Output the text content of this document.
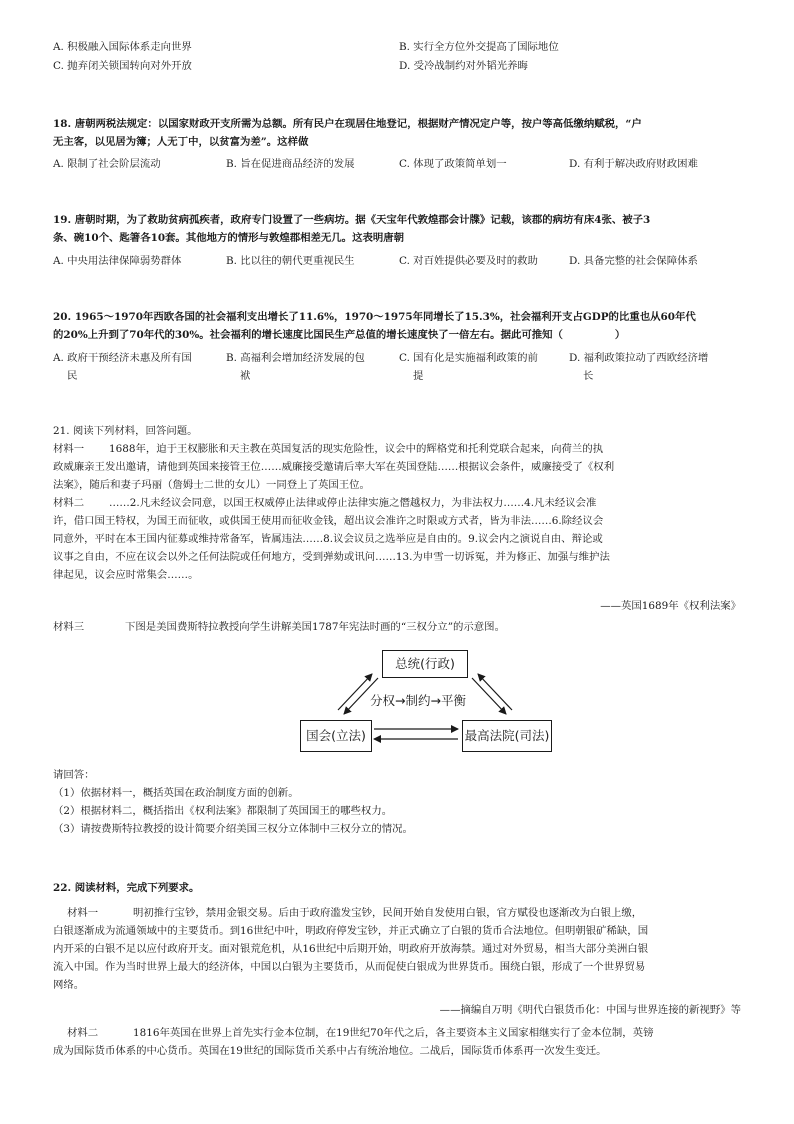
A. 积极融入国际体系走向世界	B. 实行全方位外交提高了国际地位
C. 抛弃闭关锁国转向对外开放	D. 受冷战制约对外韬光养晦
18. 唐朝两税法规定：以国家财政开支所需为总额。所有民户在现居住地登记，根据财产情况定户等，按户等高低缴纳赋税，“户
无主客，以见居为簿；人无丁中，以贫富为差”。这样做
A. 限制了社会阶层流动	B. 旨在促进商品经济的发展	C. 体现了政策简单划一	D. 有利于解决政府财政困难
19. 唐朝时期，为了救助贫病孤疾者，政府专门设置了一些病坊。据《天宝年代敦煌郡会计牒》记载，该郡的病坊有床4张、被子3
条、碗10个、匙箸各10套。其他地方的情形与敦煌郡相差无几。这表明唐朝
A. 中央用法律保障弱势群体	B. 比以往的朝代更重视民生	C. 对百姓提供必要及时的救助	D. 具备完整的社会保障体系
20. 1965～1970年西欧各国的社会福利支出增长了11.6%，1970～1975年同增长了15.3%，社会福利开支占GDP的比重也从60年代
的20%上升到了70年代的30%。社会福利的增长速度比国民生产总值的增长速度快了一倍左右。据此可推知（　　　　　）
A. 政府干预经济未惠及所有国
民
B. 高福利会增加经济发展的包
袱
C. 国有化是实施福利政策的前
提
D. 福利政策拉动了西欧经济增
长
21. 阅读下列材料，回答问题。
材料一 1688年，迫于王权膨胀和天主教在英国复活的现实危险性，议会中的辉格党和托利党联合起来，向荷兰的执
政威廉亲王发出邀请，请他到英国来接管王位……威廉接受邀请后率大军在英国登陆……根据议会条件，威廉接受了《权利
法案》，随后和妻子玛丽（詹姆士二世的女儿）一同登上了英国王位。
材料二 ……2.凡未经议会同意，以国王权威停止法律或停止法律实施之僭越权力，为非法权力……4.凡未经议会准
许，借口国王特权，为国王而征收，或供国王使用而征收金钱，超出议会准许之时限或方式者，皆为非法……6.除经议会
同意外，平时在本王国内征募或维持常备军，皆属违法……8.议会议员之选举应是自由的。9.议会内之演说自由、辩论或
议事之自由，不应在议会以外之任何法院或任何地方，受到弹劾或讯问……13.为申雪一切诉冤，并为修正、加强与维护法
律起见，议会应时常集会……。
——英国1689年《权利法案》
材料三	下图是美国费斯特拉教授向学生讲解美国1787年宪法时画的“三权分立”的示意图。
总统(行政)
分权→制约→平衡
国会(立法)	最高法院(司法)
请回答：
（1）依据材料一，概括英国在政治制度方面的创新。
（2）根据材料二，概括指出《权利法案》都限制了英国国王的哪些权力。
（3）请按费斯特拉教授的设计简要介绍美国三权分立体制中三权分立的情况。
22. 阅读材料，完成下列要求。
材料一	明初推行宝钞，禁用金银交易。后由于政府滥发宝钞，民间开始自发使用白银，官方赋役也逐渐改为白银上缴，
白银逐渐成为流通领域中的主要货币。到16世纪中叶，明政府停发宝钞，并正式确立了白银的货币合法地位。但明朝银矿稀缺，国
内开采的白银不足以应付政府开支。面对银荒危机，从16世纪中后期开始，明政府开放海禁。通过对外贸易，相当大部分美洲白银
流入中国。作为当时世界上最大的经济体，中国以白银为主要货币，从而促使白银成为世界货币。围绕白银，形成了一个世界贸易
网络。
——摘编自万明《明代白银货币化：中国与世界连接的新视野》等
材料二	1816年英国在世界上首先实行金本位制，在19世纪70年代之后，各主要资本主义国家相继实行了金本位制，英镑
成为国际货币体系的中心货币。英国在19世纪的国际货币关系中占有统治地位。二战后，国际货币体系再一次发生变迁。
